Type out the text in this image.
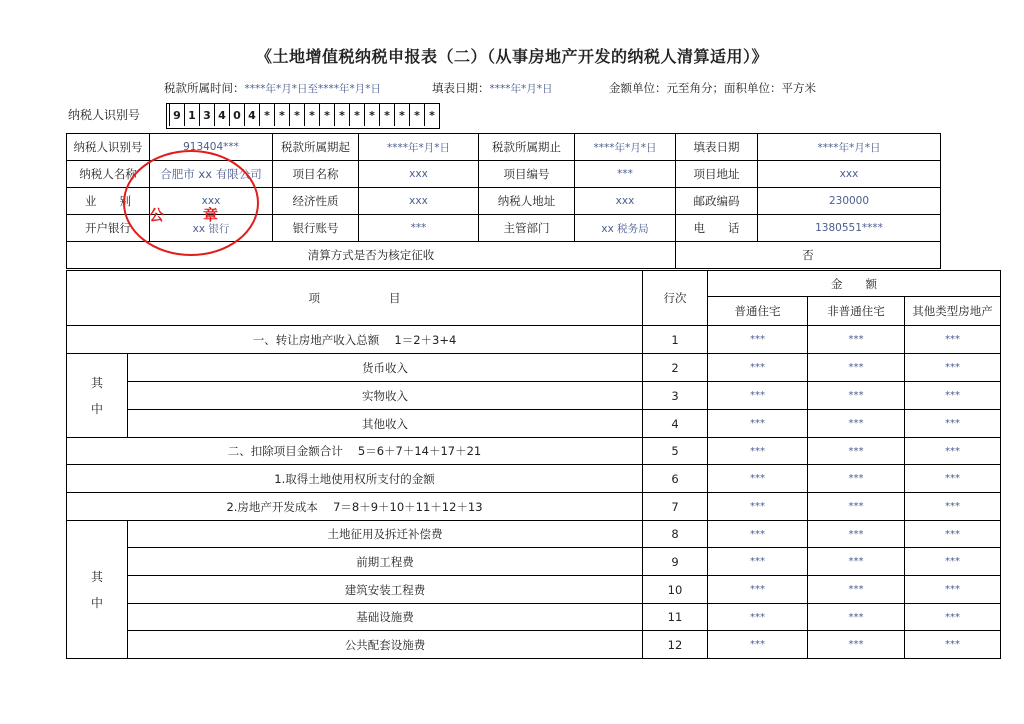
《土地增值税纳税申报表（二）（从事房地产开发的纳税人清算适用）》
税款所属时间：****年*月*日至****年*月*日	填表日期：****年*月*日	金额单位：元至角分；面积单位：平方米
纳税人识别号	9 1 3 4 0 4 * * * * * * * * * * * *
纳税人识别号	913404***	税款所属期起	****年*月*日	税款所属期止	****年*月*日	填表日期	****年*月*日
纳税人名称	合肥市 xx 有限公司	项目名称	xxx	项目编号	***	项目地址	xxx
业　　别	xxx	经济性质	xxx	纳税人地址	xxx	邮政编码	230000
开户银行	xx 银行	银行账号	***	主管部门	xx 税务局	电　　话	1380551****
清算方式是否为核定征收						否	
项　　　　　　目		行次	金　　额		
			普通住宅	非普通住宅	其他类型房地产
一、转让房地产收入总额　 1＝2＋3+4		1	***	***	***
其
中	货币收入	2	***	***	***
	实物收入	3	***	***	***
	其他收入	4	***	***	***
二、扣除项目金额合计　 5＝6＋7＋14＋17＋21		5	***	***	***
1.取得土地使用权所支付的金额		6	***	***	***
2.房地产开发成本　 7＝8＋9＋10＋11＋12＋13		7	***	***	***
其
中	土地征用及拆迁补偿费	8	***	***	***
	前期工程费	9	***	***	***
	建筑安装工程费	10	***	***	***
	基础设施费	11	***	***	***
	公共配套设施费	12	***	***	***
公	章
